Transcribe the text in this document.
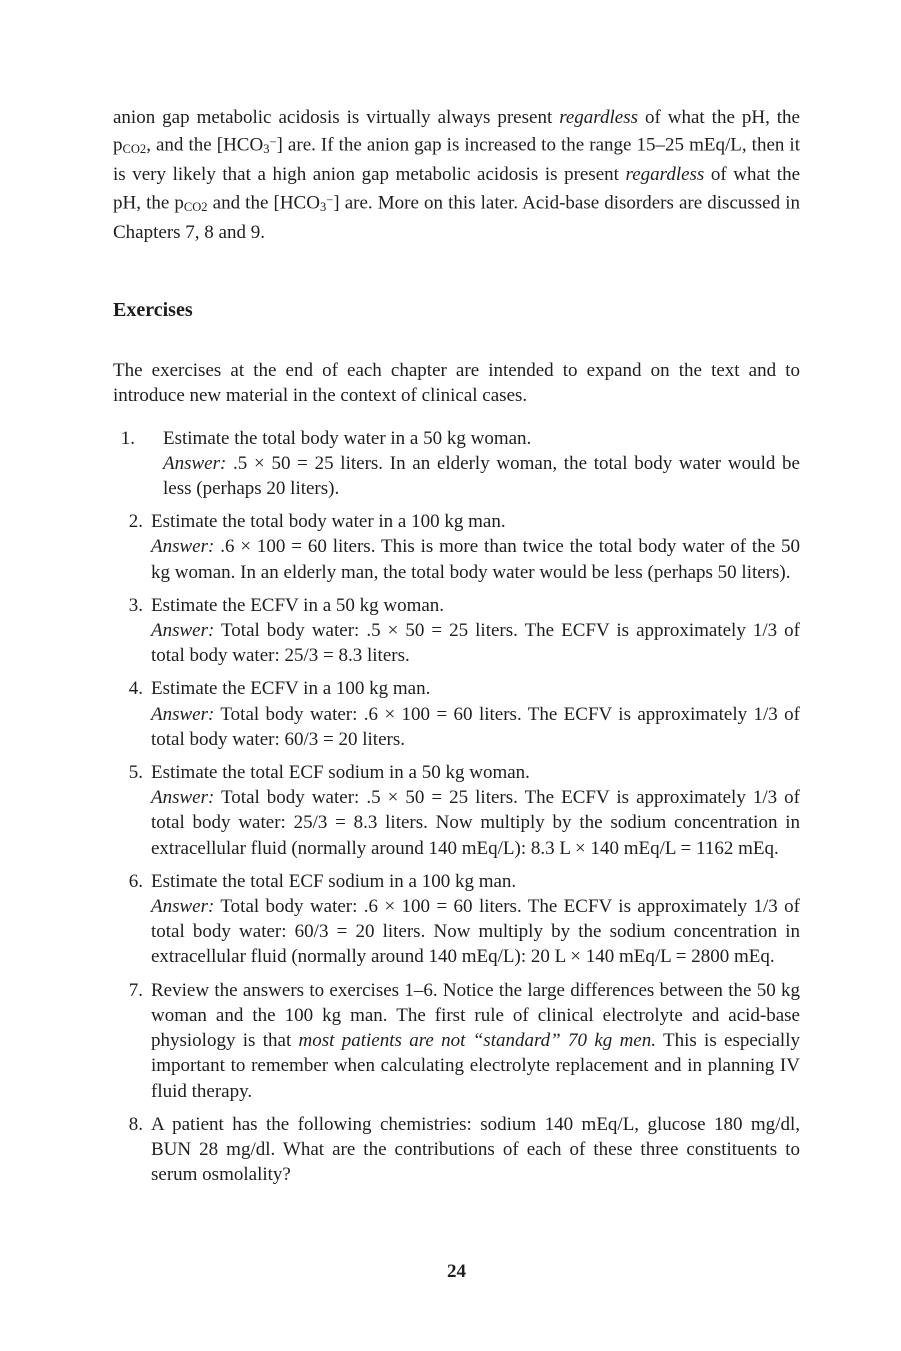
anion gap metabolic acidosis is virtually always present regardless of what the pH, the $p_{CO2}$, and the $[HCO_3^-]$ are. If the anion gap is increased to the range 15–25 mEq/L, then it is very likely that a high anion gap metabolic acidosis is present regardless of what the pH, the $p_{CO2}$ and the $[HCO_3^-]$ are. More on this later. Acid-base disorders are discussed in Chapters 7, 8 and 9.

Exercises

The exercises at the end of each chapter are intended to expand on the text and to introduce new material in the context of clinical cases.

1. Estimate the total body water in a 50 kg woman.
Answer: .5 × 50 = 25 liters. In an elderly woman, the total body water would be less (perhaps 20 liters).
2. Estimate the total body water in a 100 kg man.
Answer: .6 × 100 = 60 liters. This is more than twice the total body water of the 50 kg woman. In an elderly man, the total body water would be less (perhaps 50 liters).
3. Estimate the ECFV in a 50 kg woman.
Answer: Total body water: .5 × 50 = 25 liters. The ECFV is approximately 1/3 of total body water: 25/3 = 8.3 liters.
4. Estimate the ECFV in a 100 kg man.
Answer: Total body water: .6 × 100 = 60 liters. The ECFV is approximately 1/3 of total body water: 60/3 = 20 liters.
5. Estimate the total ECF sodium in a 50 kg woman.
Answer: Total body water: .5 × 50 = 25 liters. The ECFV is approximately 1/3 of total body water: 25/3 = 8.3 liters. Now multiply by the sodium concentration in extracellular fluid (normally around 140 mEq/L): 8.3 L × 140 mEq/L = 1162 mEq.
6. Estimate the total ECF sodium in a 100 kg man.
Answer: Total body water: .6 × 100 = 60 liters. The ECFV is approximately 1/3 of total body water: 60/3 = 20 liters. Now multiply by the sodium concentration in extracellular fluid (normally around 140 mEq/L): 20 L × 140 mEq/L = 2800 mEq.
7. Review the answers to exercises 1–6. Notice the large differences between the 50 kg woman and the 100 kg man. The first rule of clinical electrolyte and acid-base physiology is that most patients are not “standard” 70 kg men. This is especially important to remember when calculating electrolyte replacement and in planning IV fluid therapy.
8. A patient has the following chemistries: sodium 140 mEq/L, glucose 180 mg/dl, BUN 28 mg/dl. What are the contributions of each of these three constituents to serum osmolality?
24
